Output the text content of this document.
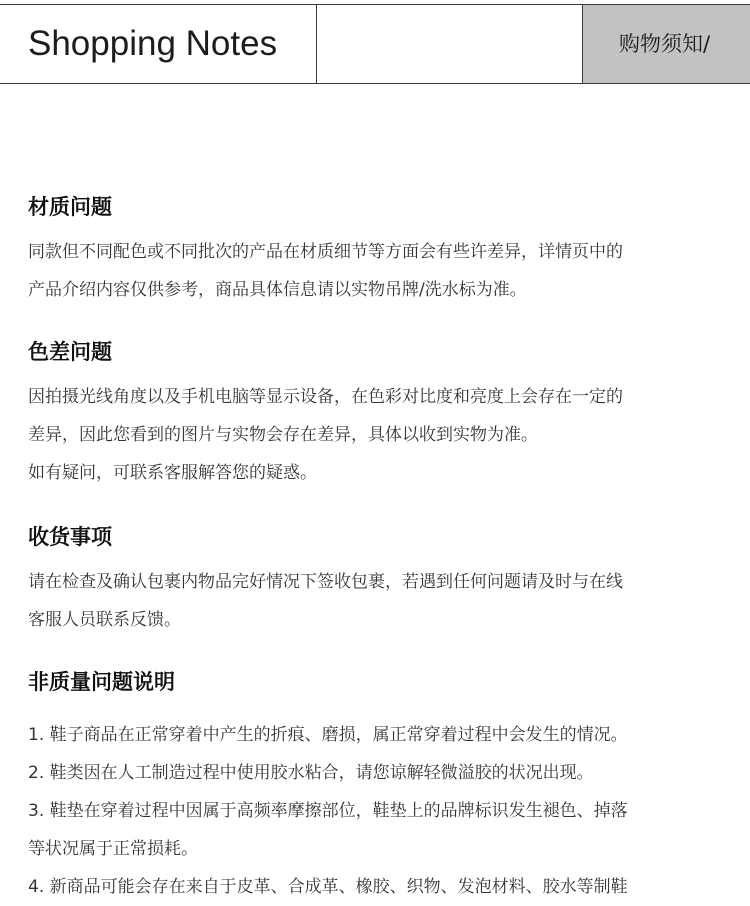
Shopping Notes	购物须知/
材质问题
同款但不同配色或不同批次的产品在材质细节等方面会有些许差异，详情页中的
产品介绍内容仅供参考，商品具体信息请以实物吊牌/洗水标为准。
色差问题
因拍摄光线角度以及手机电脑等显示设备，在色彩对比度和亮度上会存在一定的
差异，因此您看到的图片与实物会存在差异，具体以收到实物为准。
如有疑问，可联系客服解答您的疑惑。
收货事项
请在检查及确认包裹内物品完好情况下签收包裹，若遇到任何问题请及时与在线
客服人员联系反馈。
非质量问题说明
1. 鞋子商品在正常穿着中产生的折痕、磨损，属正常穿着过程中会发生的情况。
2. 鞋类因在人工制造过程中使用胶水粘合，请您谅解轻微溢胶的状况出现。
3. 鞋垫在穿着过程中因属于高频率摩擦部位，鞋垫上的品牌标识发生褪色、掉落
等状况属于正常损耗。
4. 新商品可能会存在来自于皮革、合成革、橡胶、织物、发泡材料、胶水等制鞋
